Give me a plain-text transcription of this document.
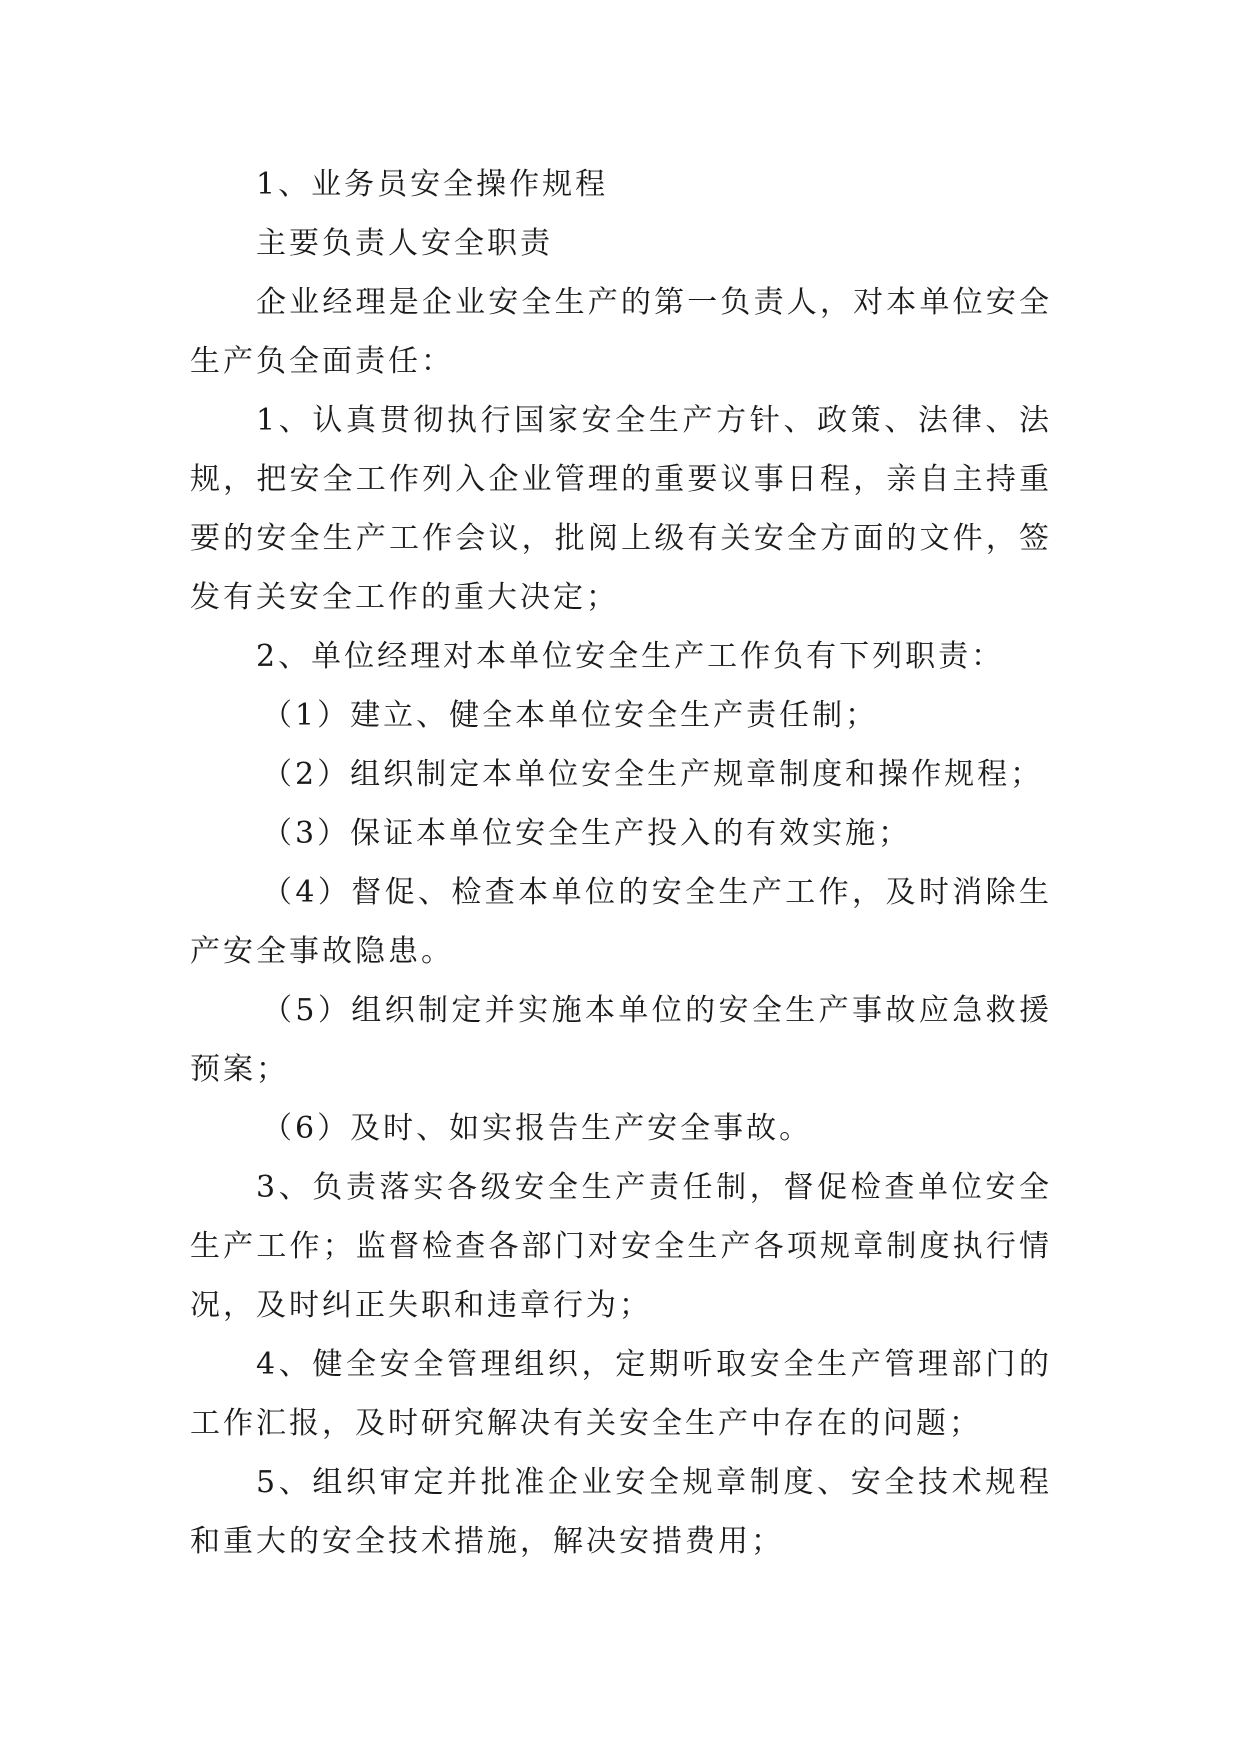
1、业务员安全操作规程

主要负责人安全职责

企业经理是企业安全生产的第一负责人，对本单位安全生产负全面责任：

1、认真贯彻执行国家安全生产方针、政策、法律、法规，把安全工作列入企业管理的重要议事日程，亲自主持重要的安全生产工作会议，批阅上级有关安全方面的文件，签发有关安全工作的重大决定；

2、单位经理对本单位安全生产工作负有下列职责：

（1）建立、健全本单位安全生产责任制；

（2）组织制定本单位安全生产规章制度和操作规程；

（3）保证本单位安全生产投入的有效实施；

（4）督促、检查本单位的安全生产工作，及时消除生产安全事故隐患。

（5）组织制定并实施本单位的安全生产事故应急救援预案；

（6）及时、如实报告生产安全事故。

3、负责落实各级安全生产责任制，督促检查单位安全生产工作；监督检查各部门对安全生产各项规章制度执行情况，及时纠正失职和违章行为；

4、健全安全管理组织，定期听取安全生产管理部门的工作汇报，及时研究解决有关安全生产中存在的问题；

5、组织审定并批准企业安全规章制度、安全技术规程和重大的安全技术措施，解决安措费用；
